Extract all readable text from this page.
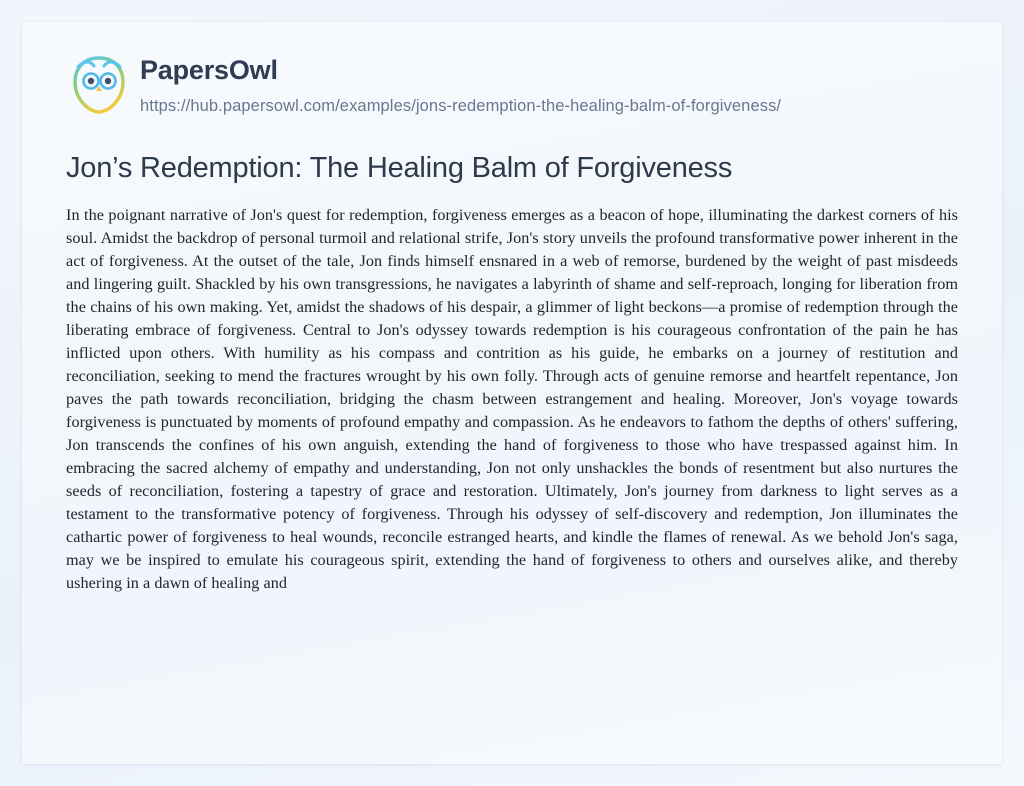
PapersOwl
https://hub.papersowl.com/examples/jons-redemption-the-healing-balm-of-forgiveness/
Jon’s Redemption: The Healing Balm of Forgiveness

In the poignant narrative of Jon's quest for redemption, forgiveness emerges as a beacon of hope, illuminating the darkest corners of his soul. Amidst the backdrop of personal turmoil and relational strife, Jon's story unveils the profound transformative power inherent in the act of forgiveness. At the outset of the tale, Jon finds himself ensnared in a web of remorse, burdened by the weight of past misdeeds and lingering guilt. Shackled by his own transgressions, he navigates a labyrinth of shame and self-reproach, longing for liberation from the chains of his own making. Yet, amidst the shadows of his despair, a glimmer of light beckons—a promise of redemption through the liberating embrace of forgiveness. Central to Jon's odyssey towards redemption is his courageous confrontation of the pain he has inflicted upon others. With humility as his compass and contrition as his guide, he embarks on a journey of restitution and reconciliation, seeking to mend the fractures wrought by his own folly. Through acts of genuine remorse and heartfelt repentance, Jon paves the path towards reconciliation, bridging the chasm between estrangement and healing. Moreover, Jon's voyage towards forgiveness is punctuated by moments of profound empathy and compassion. As he endeavors to fathom the depths of others' suffering, Jon transcends the confines of his own anguish, extending the hand of forgiveness to those who have trespassed against him. In embracing the sacred alchemy of empathy and understanding, Jon not only unshackles the bonds of resentment but also nurtures the seeds of reconciliation, fostering a tapestry of grace and restoration. Ultimately, Jon's journey from darkness to light serves as a testament to the transformative potency of forgiveness. Through his odyssey of self-discovery and redemption, Jon illuminates the cathartic power of forgiveness to heal wounds, reconcile estranged hearts, and kindle the flames of renewal. As we behold Jon's saga, may we be inspired to emulate his courageous spirit, extending the hand of forgiveness to others and ourselves alike, and thereby ushering in a dawn of healing and
